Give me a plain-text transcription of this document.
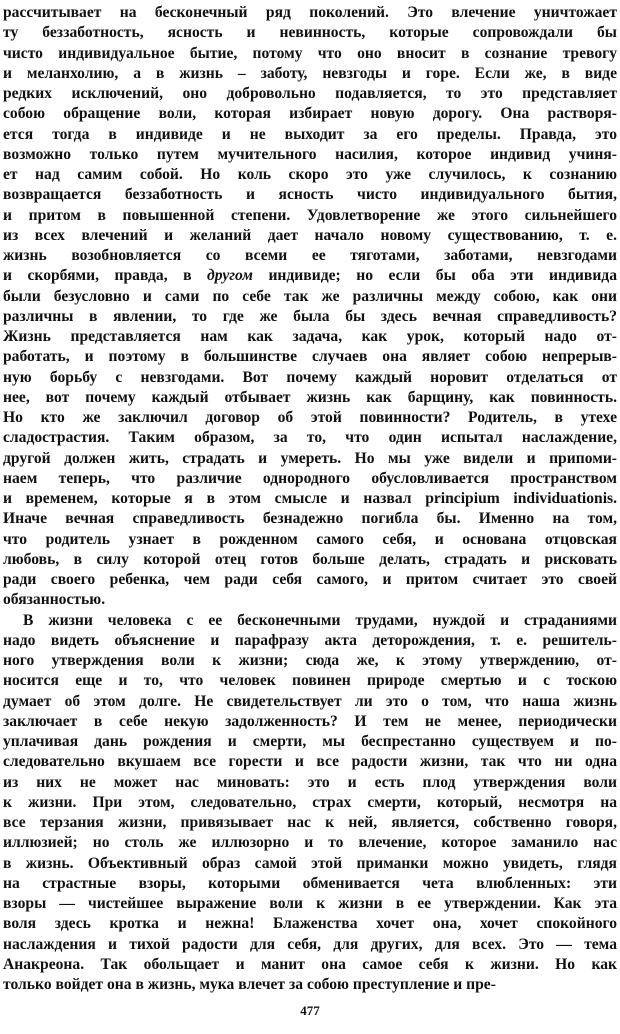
рассчитывает на бесконечный ряд поколений. Это влечение уничтожает
ту беззаботность, ясность и невинность, которые сопровождали бы
чисто индивидуальное бытие, потому что оно вносит в сознание тревогу
и меланхолию, а в жизнь – заботу, невзгоды и горе. Если же, в виде
редких исключений, оно добровольно подавляется, то это представляет
собою обращение воли, которая избирает новую дорогу. Она растворя-
ется тогда в индивиде и не выходит за его пределы. Правда, это
возможно только путем мучительного насилия, которое индивид учиня-
ет над самим собой. Но коль скоро это уже случилось, к сознанию
возвращается беззаботность и ясность чисто индивидуального бытия,
и притом в повышенной степени. Удовлетворение же этого сильнейшего
из всех влечений и желаний дает начало новому существованию, т. е.
жизнь возобновляется со всеми ее тяготами, заботами, невзгодами
и скорбями, правда, в другом индивиде; но если бы оба эти индивида
были безусловно и сами по себе так же различны между собою, как они
различны в явлении, то где же была бы здесь вечная справедливость?
Жизнь представляется нам как задача, как урок, который надо от-
работать, и поэтому в большинстве случаев она являет собою непрерыв-
ную борьбу с невзгодами. Вот почему каждый норовит отделаться от
нее, вот почему каждый отбывает жизнь как барщину, как повинность.
Но кто же заключил договор об этой повинности? Родитель, в утехе
сладострастия. Таким образом, за то, что один испытал наслаждение,
другой должен жить, страдать и умереть. Но мы уже видели и припоми-
наем теперь, что различие однородного обусловливается пространством
и временем, которые я в этом смысле и назвал principium individuationis.
Иначе вечная справедливость безнадежно погибла бы. Именно на том,
что родитель узнает в рожденном самого себя, и основана отцовская
любовь, в силу которой отец готов больше делать, страдать и рисковать
ради своего ребенка, чем ради себя самого, и притом считает это своей
обязанностью.
В жизни человека с ее бесконечными трудами, нуждой и страданиями
надо видеть объяснение и парафразу акта деторождения, т. е. решитель-
ного утверждения воли к жизни; сюда же, к этому утверждению, от-
носится еще и то, что человек повинен природе смертью и с тоскою
думает об этом долге. Не свидетельствует ли это о том, что наша жизнь
заключает в себе некую задолженность? И тем не менее, периодически
уплачивая дань рождения и смерти, мы беспрестанно существуем и по-
следовательно вкушаем все горести и все радости жизни, так что ни одна
из них не может нас миновать: это и есть плод утверждения воли
к жизни. При этом, следовательно, страх смерти, который, несмотря на
все терзания жизни, привязывает нас к ней, является, собственно говоря,
иллюзией; но столь же иллюзорно и то влечение, которое заманило нас
в жизнь. Объективный образ самой этой приманки можно увидеть, глядя
на страстные взоры, которыми обменивается чета влюбленных: эти
взоры –– чистейшее выражение воли к жизни в ее утверждении. Как эта
воля здесь кротка и нежна! Блаженства хочет она, хочет спокойного
наслаждения и тихой радости для себя, для других, для всех. Это — тема
Анакреона. Так обольщает и манит она самое себя к жизни. Но как
только войдет она в жизнь, мука влечет за собою преступление и пре-
477
